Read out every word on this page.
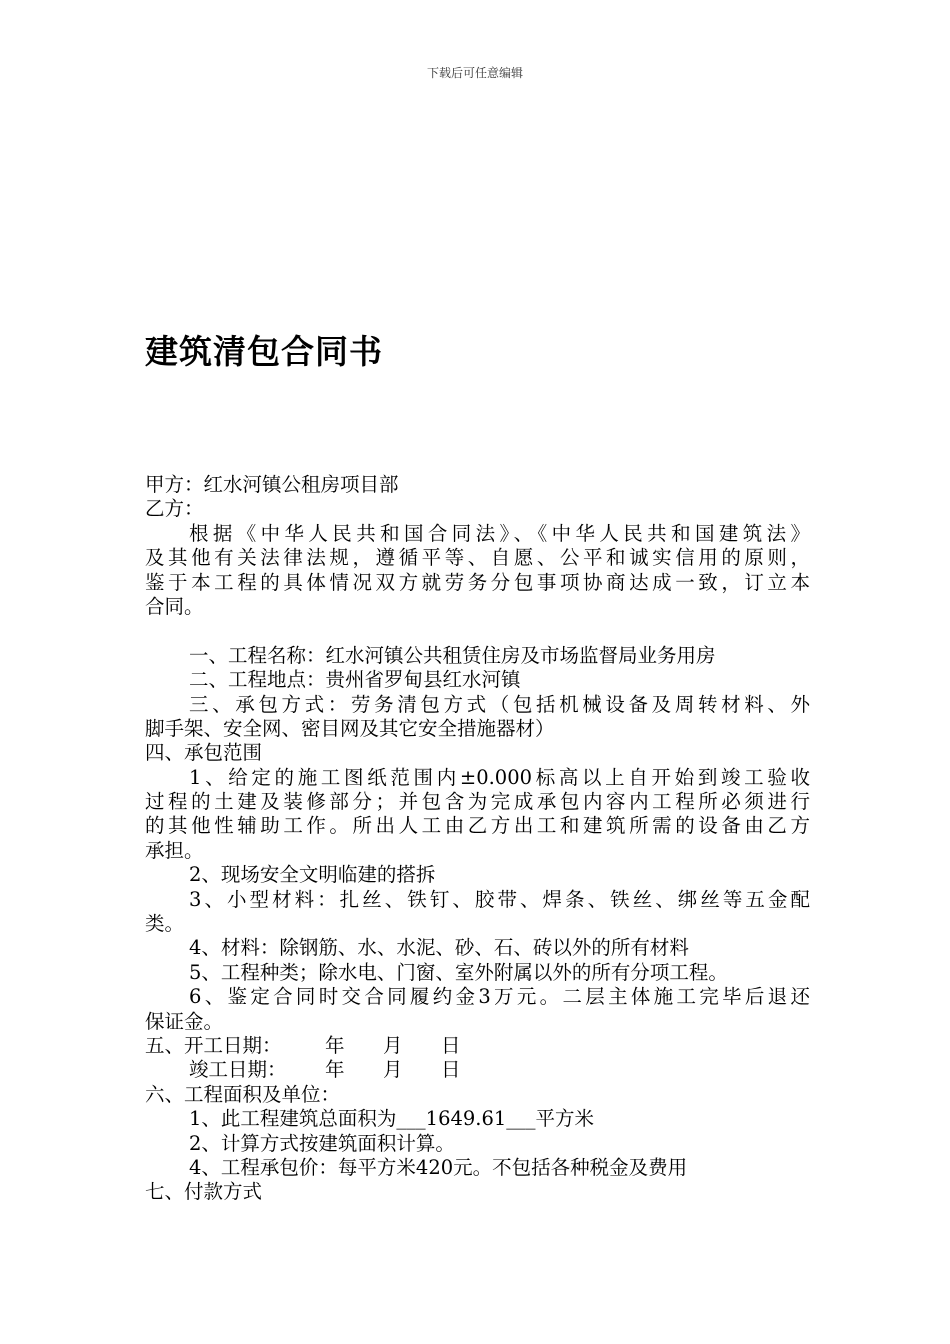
下载后可任意编辑
建筑清包合同书
甲方：红水河镇公租房项目部
乙方：
根据《中华人民共和国合同法》、《中华人民共和国建筑法》
及其他有关法律法规，遵循平等、自愿、公平和诚实信用的原则，
鉴于本工程的具体情况双方就劳务分包事项协商达成一致，订立本
合同。
一、工程名称：红水河镇公共租赁住房及市场监督局业务用房
二、工程地点：贵州省罗甸县红水河镇
三、承包方式：劳务清包方式（包括机械设备及周转材料、外
脚手架、安全网、密目网及其它安全措施器材）
四、承包范围
1、给定的施工图纸范围内±0.000标高以上自开始到竣工验收
过程的土建及装修部分；并包含为完成承包内容内工程所必须进行
的其他性辅助工作。所出人工由乙方出工和建筑所需的设备由乙方
承担。
2、现场安全文明临建的搭拆
3、小型材料：扎丝、铁钉、胶带、焊条、铁丝、绑丝等五金配
类。
4、材料：除钢筋、水、水泥、砂、石、砖以外的所有材料
5、工程种类；除水电、门窗、室外附属以外的所有分项工程。
6、鉴定合同时交合同履约金3万元。二层主体施工完毕后退还
保证金。
五、开工日期： 年 月 日
竣工日期： 年 月 日
六、工程面积及单位：
1、此工程建筑总面积为___1649.61___平方米
2、计算方式按建筑面积计算。
4、工程承包价：每平方米420元。不包括各种税金及费用
七、付款方式
